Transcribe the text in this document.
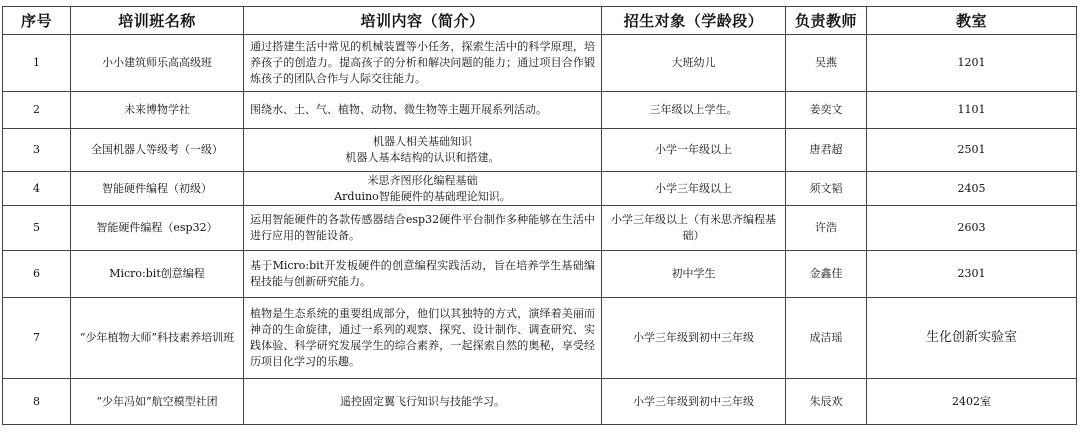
序号	培训班名称	培训内容（简介）	招生对象（学龄段）	负责教师	教室
1	小小建筑师乐高高级班	通过搭建生活中常见的机械装置等小任务，探索生活中的科学原理，培养孩子的创造力。提高孩子的分析和解决问题的能力；通过项目合作锻炼孩子的团队合作与人际交往能力。	大班幼儿	吴燕	1201
2	未来博物学社	围绕水、土、气、植物、动物、微生物等主题开展系列活动。	三年级以上学生。	姜奕文	1101
3	全国机器人等级考（一级）	机器人相关基础知识
机器人基本结构的认识和搭建。	小学一年级以上	唐君超	2501
4	智能硬件编程（初级）	米思齐图形化编程基础
Arduino智能硬件的基础理论知识。	小学三年级以上	须文韬	2405
5	智能硬件编程（esp32）	运用智能硬件的各款传感器结合esp32硬件平台制作多种能够在生活中进行应用的智能设备。	小学三年级以上（有米思齐编程基础）	许浩	2603
6	Micro:bit创意编程	基于Micro:bit开发板硬件的创意编程实践活动，旨在培养学生基础编程技能与创新研究能力。	初中学生	金鑫佳	2301
7	“少年植物大师”科技素养培训班	植物是生态系统的重要组成部分，他们以其独特的方式，演绎着美丽而神奇的生命旋律，通过一系列的观察、探究、设计制作、调查研究、实践体验、科学研究发展学生的综合素养，一起探索自然的奥秘，享受经历项目化学习的乐趣。	小学三年级到初中三年级	成洁瑶	生化创新实验室
8	“少年冯如”航空模型社团	遥控固定翼飞行知识与技能学习。	小学三年级到初中三年级	朱辰欢	2402室
